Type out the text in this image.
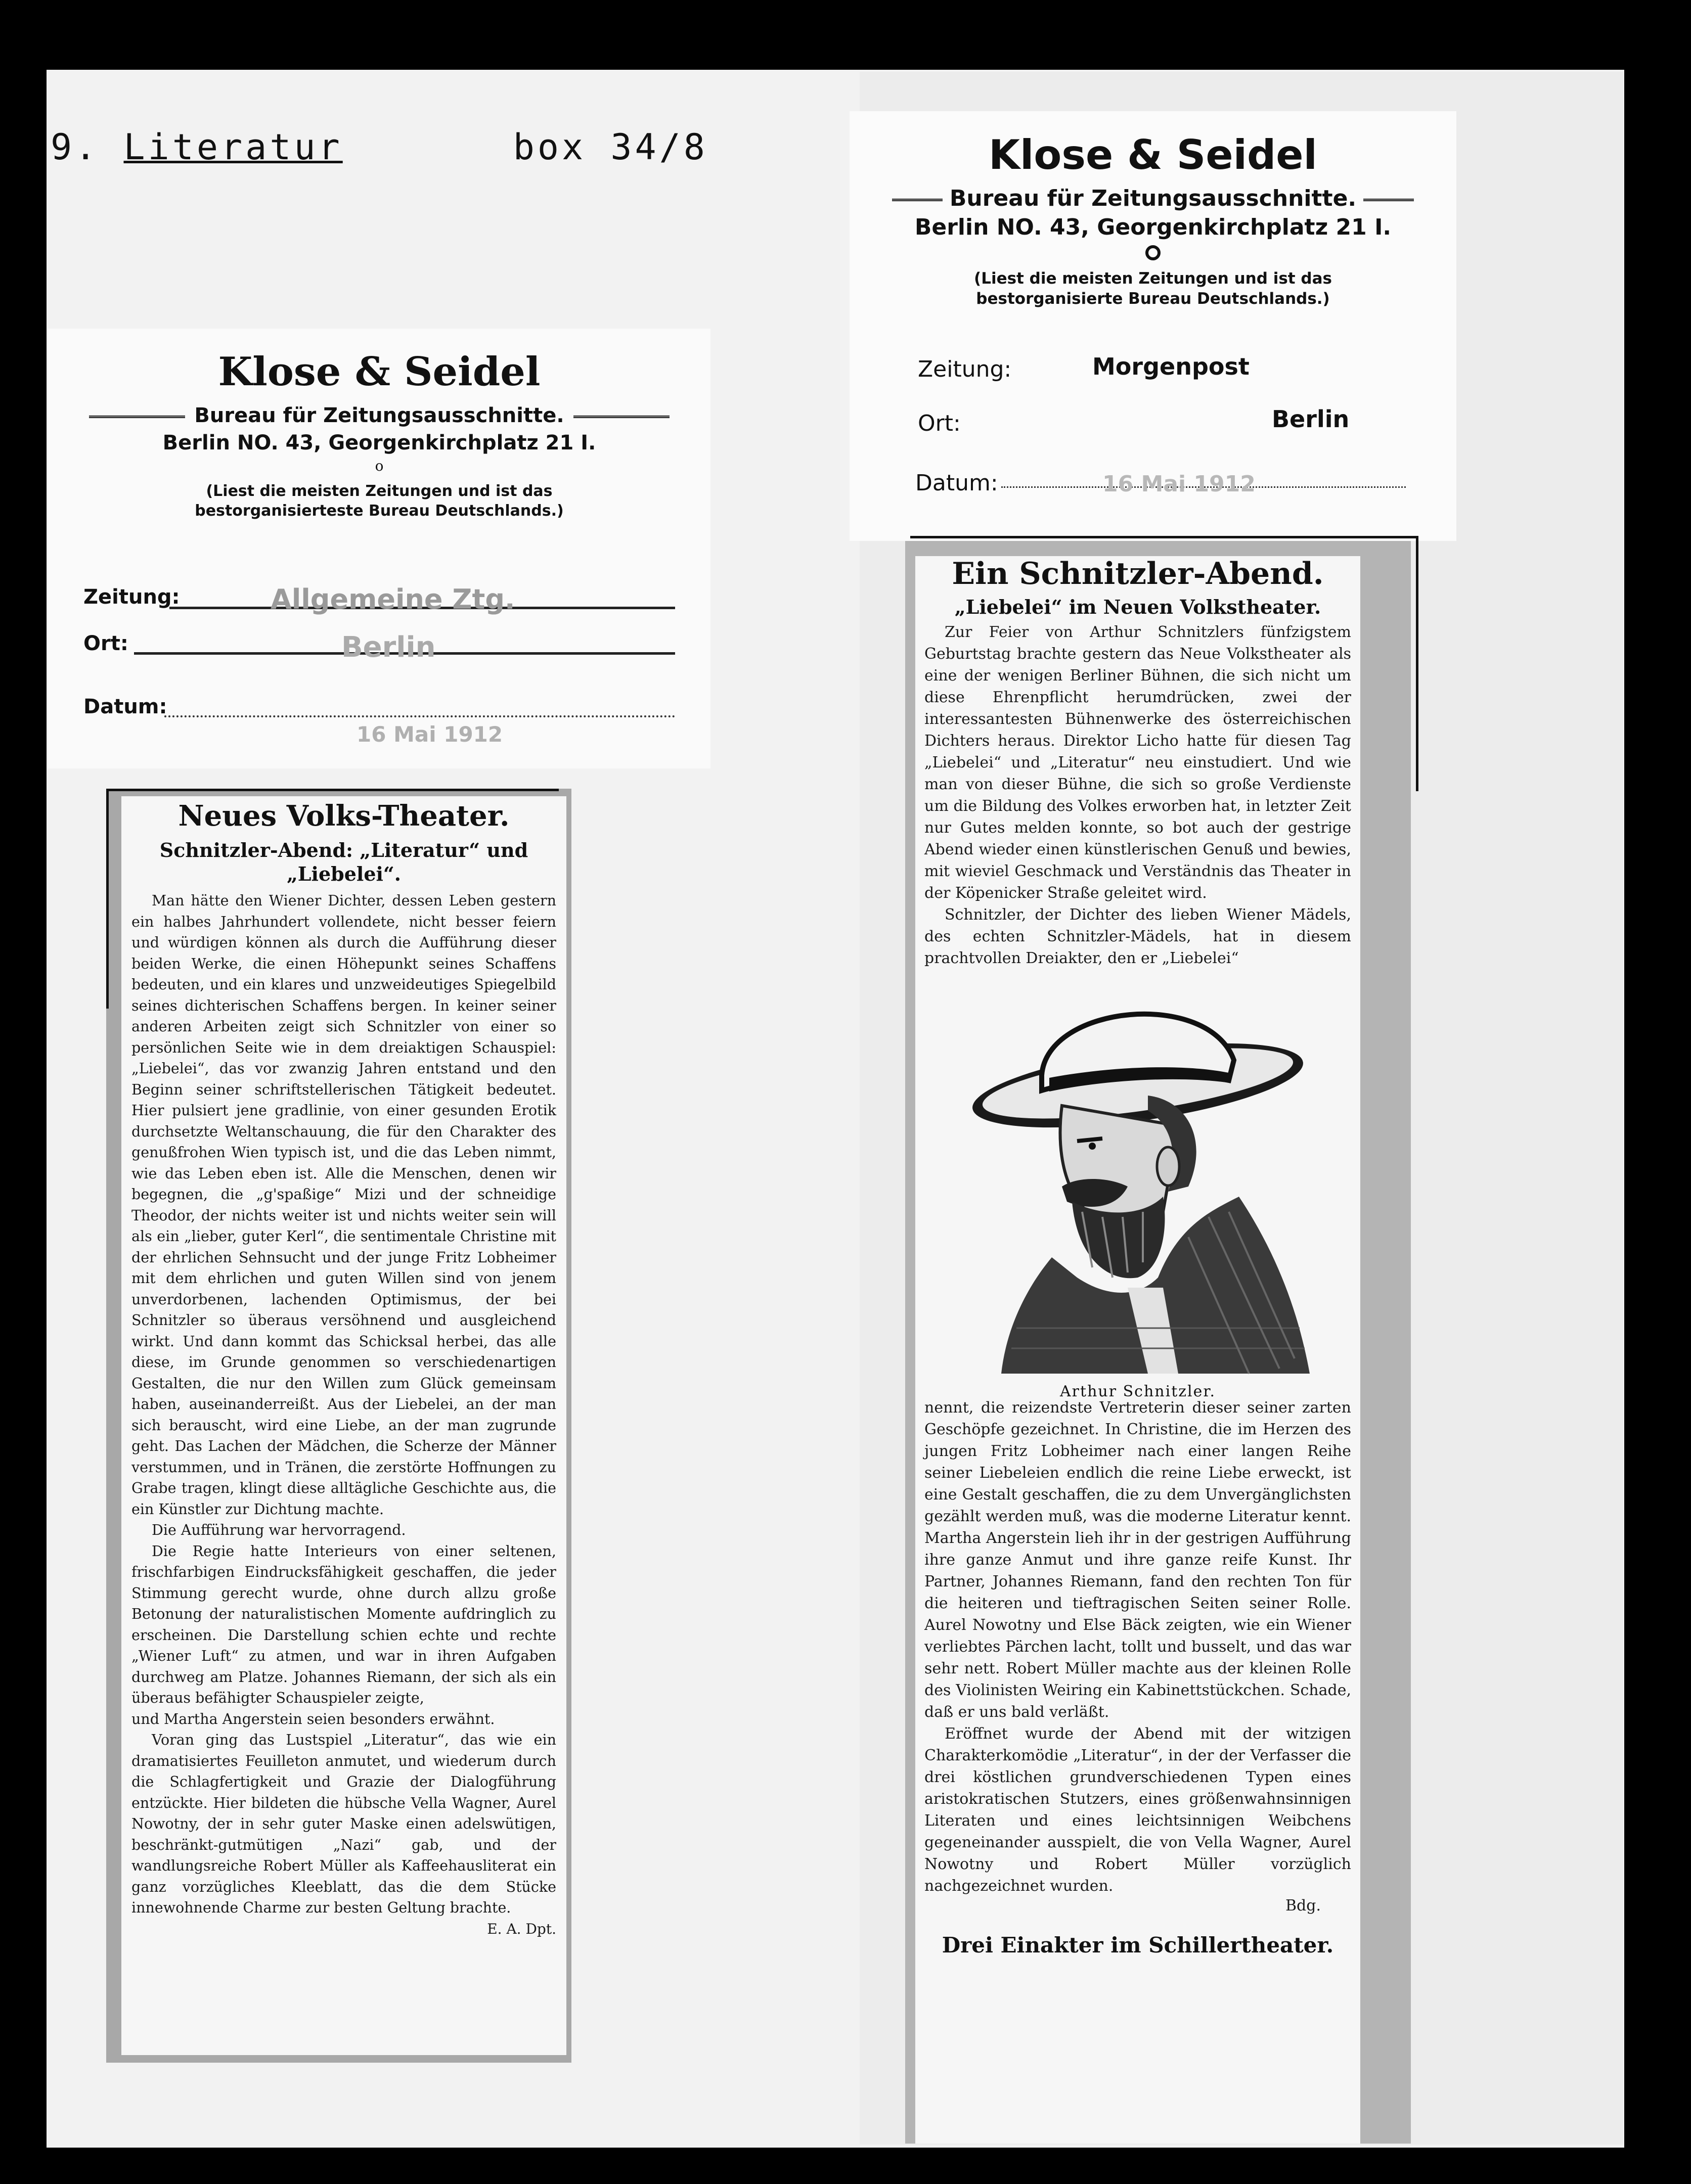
9. Literatur	box 34/8
Klose & Seidel
Bureau für Zeitungsausschnitte.
Berlin NO. 43, Georgenkirchplatz 21 I.
o
(Liest die meisten Zeitungen und ist das
bestorganisierteste Bureau Deutschlands.)
Zeitung:	Allgemeine Ztg.
Ort:	Berlin
Datum:
16 Mai 1912
Klose & Seidel
Bureau für Zeitungsausschnitte.
Berlin NO. 43, Georgenkirchplatz 21 I.
(Liest die meisten Zeitungen und ist das
bestorganisierte Bureau Deutschlands.)
Zeitung:	Morgenpost
Ort:	Berlin
Datum:	16 Mai 1912
Neues Volks-Theater.
Schnitzler-Abend: „Literatur“ und
„Liebelei“.

Man hätte den Wiener Dichter, dessen Leben gestern ein halbes Jahrhundert vollendete, nicht besser feiern und würdigen können als durch die Aufführung dieser beiden Werke, die einen Höhepunkt seines Schaffens bedeuten, und ein klares und unzweideutiges Spiegelbild seines dichterischen Schaffens bergen. In keiner seiner anderen Arbeiten zeigt sich Schnitzler von einer so persönlichen Seite wie in dem dreiaktigen Schauspiel: „Liebelei“, das vor zwanzig Jahren entstand und den Beginn seiner schriftstellerischen Tätigkeit bedeutet. Hier pulsiert jene gradlinie, von einer gesunden Erotik durchsetzte Weltanschauung, die für den Charakter des genußfrohen Wien typisch ist, und die das Leben nimmt, wie das Leben eben ist. Alle die Menschen, denen wir begegnen, die „g'spaßige“ Mizi und der schneidige Theodor, der nichts weiter ist und nichts weiter sein will als ein „lieber, guter Kerl“, die sentimentale Christine mit der ehrlichen Sehnsucht und der junge Fritz Lobheimer mit dem ehrlichen und guten Willen sind von jenem unverdorbenen, lachenden Optimismus, der bei Schnitzler so überaus versöhnend und ausgleichend wirkt. Und dann kommt das Schicksal herbei, das alle diese, im Grunde genommen so verschiedenartigen Gestalten, die nur den Willen zum Glück gemeinsam haben, auseinanderreißt. Aus der Liebelei, an der man sich berauscht, wird eine Liebe, an der man zugrunde geht. Das Lachen der Mädchen, die Scherze der Männer verstummen, und in Tränen, die zerstörte Hoffnungen zu Grabe tragen, klingt diese alltägliche Geschichte aus, die ein Künstler zur Dichtung machte.

Die Aufführung war hervorragend.

Die Regie hatte Interieurs von einer seltenen, frischfarbigen Eindrucksfähigkeit geschaffen, die jeder Stimmung gerecht wurde, ohne durch allzu große Betonung der naturalistischen Momente aufdringlich zu erscheinen. Die Darstellung schien echte und rechte „Wiener Luft“ zu atmen, und war in ihren Aufgaben durchweg am Platze. Johannes Riemann, der sich als ein überaus befähigter Schauspieler zeigte,

und Martha Angerstein seien besonders erwähnt.

Voran ging das Lustspiel „Literatur“, das wie ein dramatisiertes Feuilleton anmutet, und wiederum durch die Schlagfertigkeit und Grazie der Dialogführung entzückte. Hier bildeten die hübsche Vella Wagner, Aurel Nowotny, der in sehr guter Maske einen adelswütigen, beschränkt-gutmütigen „Nazi“ gab, und der wandlungsreiche Robert Müller als Kaffeehausliterat ein ganz vorzügliches Kleeblatt, das die dem Stücke innewohnende Charme zur besten Geltung brachte.

E. A. Dpt.

Ein Schnitzler-Abend.
„Liebelei“ im Neuen Volkstheater.

Zur Feier von Arthur Schnitzlers fünfzigstem Geburtstag brachte gestern das Neue Volkstheater als eine der wenigen Berliner Bühnen, die sich nicht um diese Ehrenpflicht herumdrücken, zwei der interessantesten Bühnenwerke des österreichischen Dichters heraus. Direktor Licho hatte für diesen Tag „Liebelei“ und „Literatur“ neu einstudiert. Und wie man von dieser Bühne, die sich so große Verdienste um die Bildung des Volkes erworben hat, in letzter Zeit nur Gutes melden konnte, so bot auch der gestrige Abend wieder einen künstlerischen Genuß und bewies, mit wieviel Geschmack und Verständnis das Theater in der Köpenicker Straße geleitet wird.

Schnitzler, der Dichter des lieben Wiener Mädels, des echten Schnitzler-Mädels, hat in diesem prachtvollen Dreiakter, den er „Liebelei“

Arthur Schnitzler.

nennt, die reizendste Vertreterin dieser seiner zarten Geschöpfe gezeichnet. In Christine, die im Herzen des jungen Fritz Lobheimer nach einer langen Reihe seiner Liebeleien endlich die reine Liebe erweckt, ist eine Gestalt geschaffen, die zu dem Unvergänglichsten gezählt werden muß, was die moderne Literatur kennt. Martha Angerstein lieh ihr in der gestrigen Aufführung ihre ganze Anmut und ihre ganze reife Kunst. Ihr Partner, Johannes Riemann, fand den rechten Ton für die heiteren und tieftragischen Seiten seiner Rolle. Aurel Nowotny und Else Bäck zeigten, wie ein Wiener verliebtes Pärchen lacht, tollt und busselt, und das war sehr nett. Robert Müller machte aus der kleinen Rolle des Violinisten Weiring ein Kabinettstückchen. Schade, daß er uns bald verläßt.

Eröffnet wurde der Abend mit der witzigen Charakterkomödie „Literatur“, in der der Verfasser die drei köstlichen grundverschiedenen Typen eines aristokratischen Stutzers, eines größenwahnsinnigen Literaten und eines leichtsinnigen Weibchens gegeneinander ausspielt, die von Vella Wagner, Aurel Nowotny und Robert Müller vorzüglich nachgezeichnet wurden.

Bdg.

Drei Einakter im Schillertheater.
